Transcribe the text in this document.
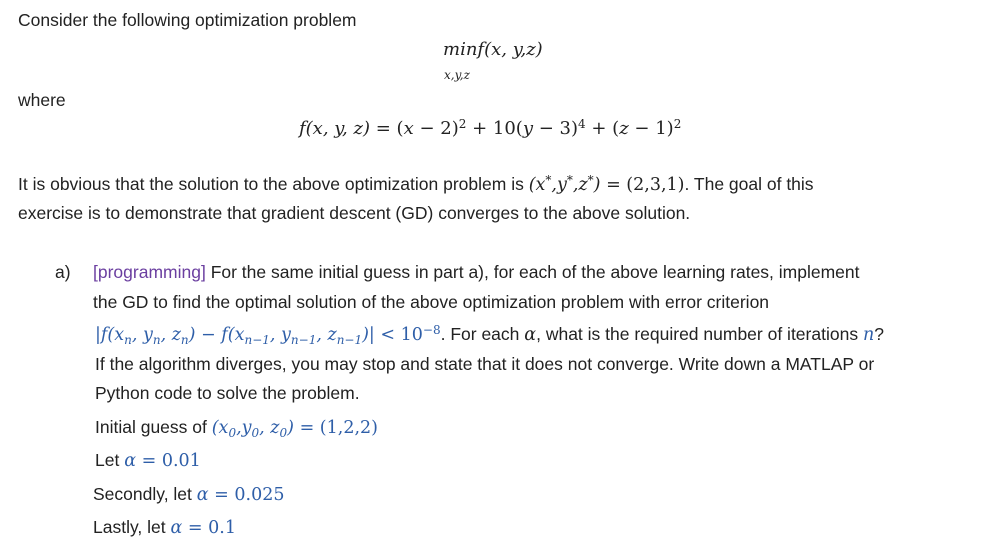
Consider the following optimization problem
minf(x, y,z)
x,y,z
where
f(x, y, $z) = (x - 2)^2 + 10(y - 3)^4 + (z - 1)^2$
It is obvious that the solution to the above optimization problem is (x*,y*,z*) = (2,3,1). The goal of this
exercise is to demonstrate that gradient descent (GD) converges to the above solution.
a) [programming] For the same initial guess in part a), for each of the above learning rates, implement
the GD to find the optimal solution of the above optimization problem with error criterion
$|f(x_n$, $y_n$, $z_n) - f(x_{n-1}$, $y_{n-1}$, $z_{n-1})| < 10^{-8}$. For each α, what is the required number of iterations n?
If the algorithm diverges, you may stop and state that it does not converge. Write down a MATLAP or
Python code to solve the problem.
Initial guess of ($x_0,y_0$, $z_0) = (1,2,2)$
Let α = 0.01
Secondly, let α = 0.025
Lastly, let α = 0.1
